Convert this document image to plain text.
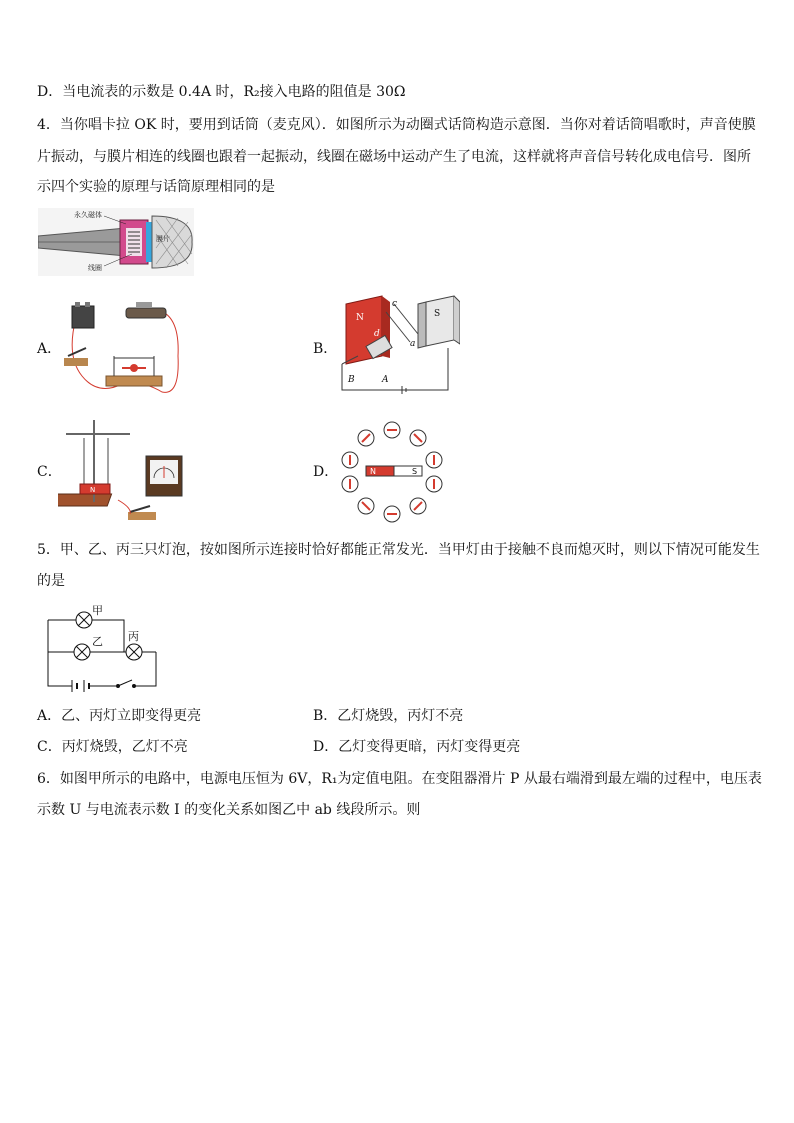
D．当电流表的示数是 0.4A 时，R₂接入电路的阻值是 30Ω
4．当你唱卡拉 OK 时，要用到话筒（麦克风）．如图所示为动圈式话筒构造示意图．当你对着话筒唱歌时，声音使膜
片振动，与膜片相连的线圈也跟着一起振动，线圈在磁场中运动产生了电流，这样就将声音信号转化成电信号．图所
示四个实验的原理与话筒原理相同的是
永久磁体
线圈
膜片
A．	B．
N	S
c
d
a
B	A
C．
N
D．	N	S
5．甲、乙、丙三只灯泡，按如图所示连接时恰好都能正常发光．当甲灯由于接触不良而熄灭时，则以下情况可能发生
的是
甲
乙 丙
A．乙、丙灯立即变得更亮	B．乙灯烧毁，丙灯不亮
C．丙灯烧毁，乙灯不亮	D．乙灯变得更暗，丙灯变得更亮
6．如图甲所示的电路中，电源电压恒为 6V，R₁为定值电阻。在变阻器滑片 P 从最右端滑到最左端的过程中，电压表
示数 U 与电流表示数 I 的变化关系如图乙中 ab 线段所示。则
